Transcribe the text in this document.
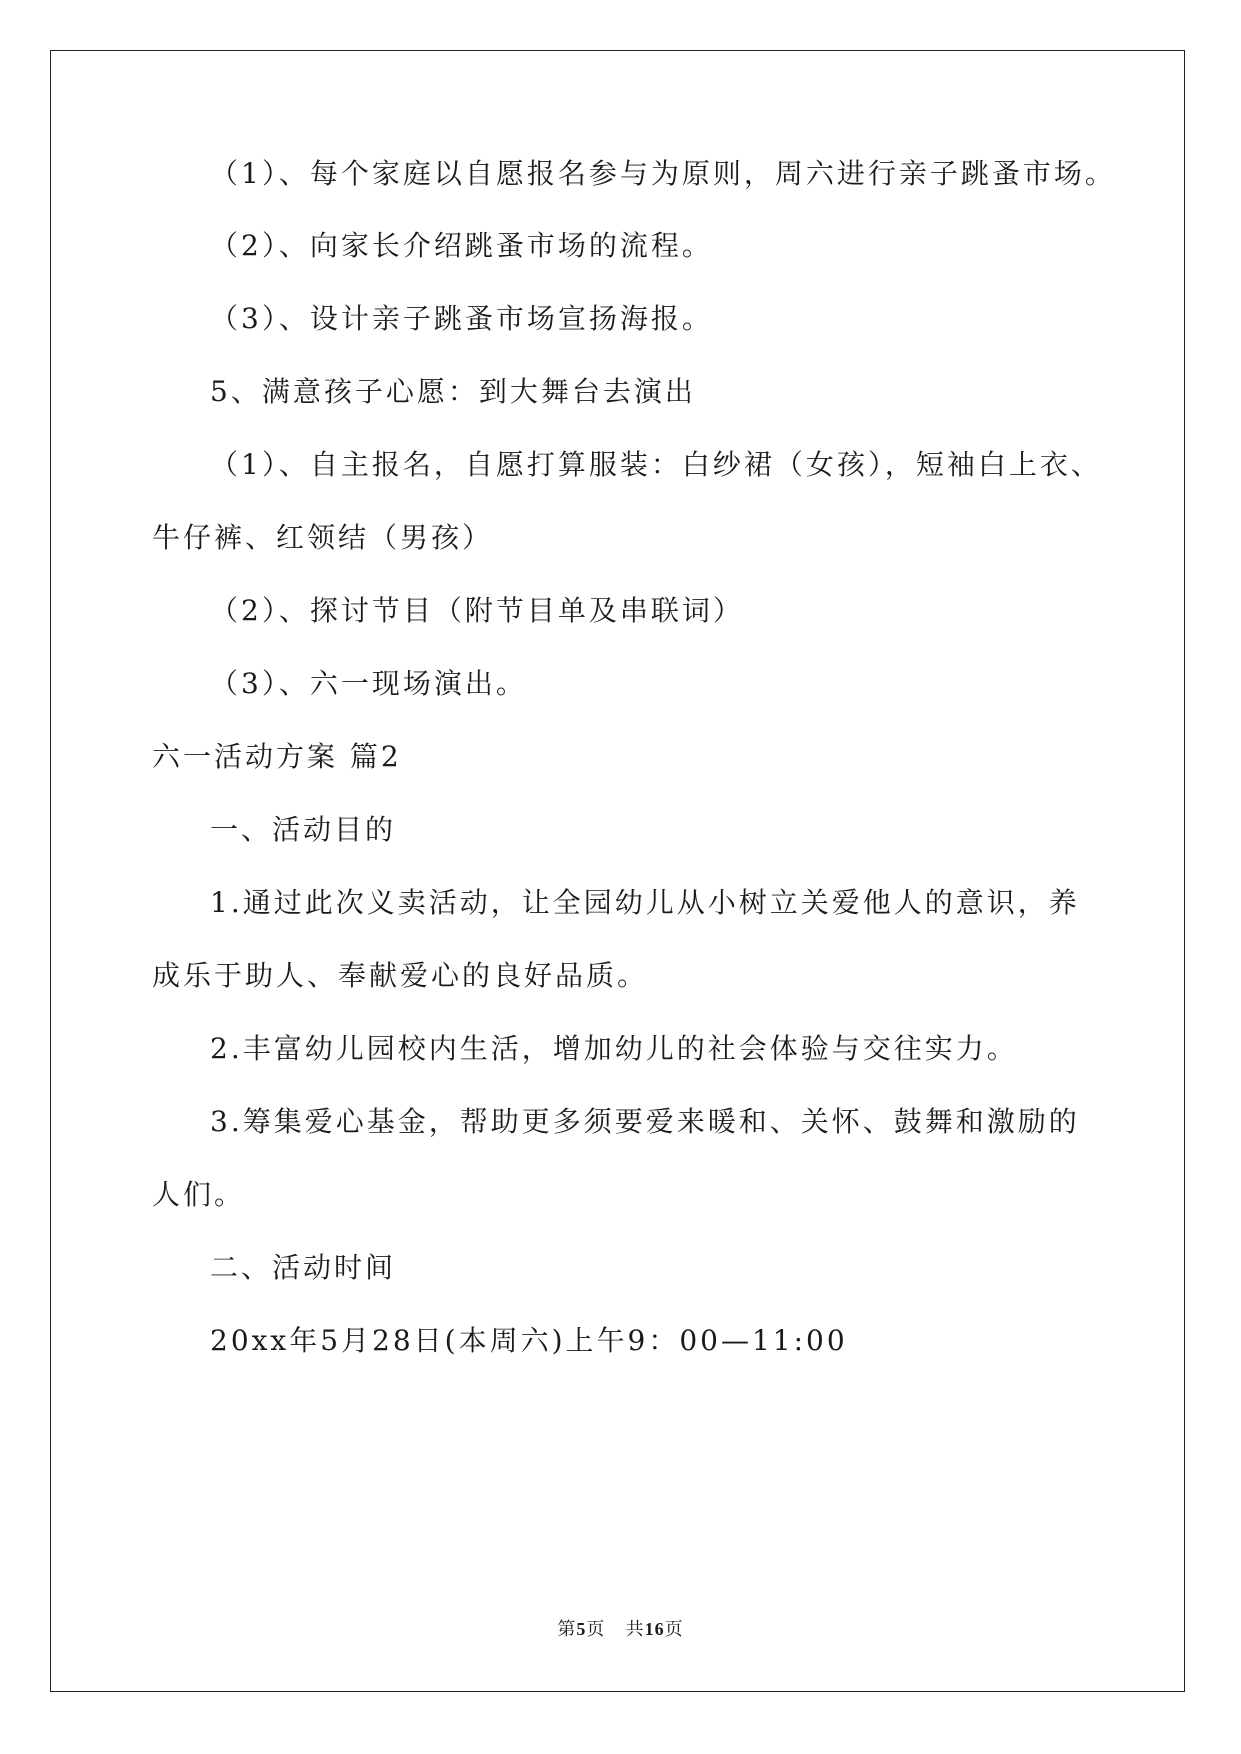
（1）、每个家庭以自愿报名参与为原则，周六进行亲子跳蚤市场。
（2）、向家长介绍跳蚤市场的流程。
（3）、设计亲子跳蚤市场宣扬海报。
5、满意孩子心愿：到大舞台去演出
（1）、自主报名，自愿打算服装：白纱裙（女孩），短袖白上衣、
牛仔裤、红领结（男孩）
（2）、探讨节目（附节目单及串联词）
（3）、六一现场演出。
六一活动方案 篇2
一、活动目的
1.通过此次义卖活动，让全园幼儿从小树立关爱他人的意识，养
成乐于助人、奉献爱心的良好品质。
2.丰富幼儿园校内生活，增加幼儿的社会体验与交往实力。
3.筹集爱心基金，帮助更多须要爱来暖和、关怀、鼓舞和激励的
人们。
二、活动时间
20xx年5月28日(本周六)上午9：00—11:00
第5页 共16页
